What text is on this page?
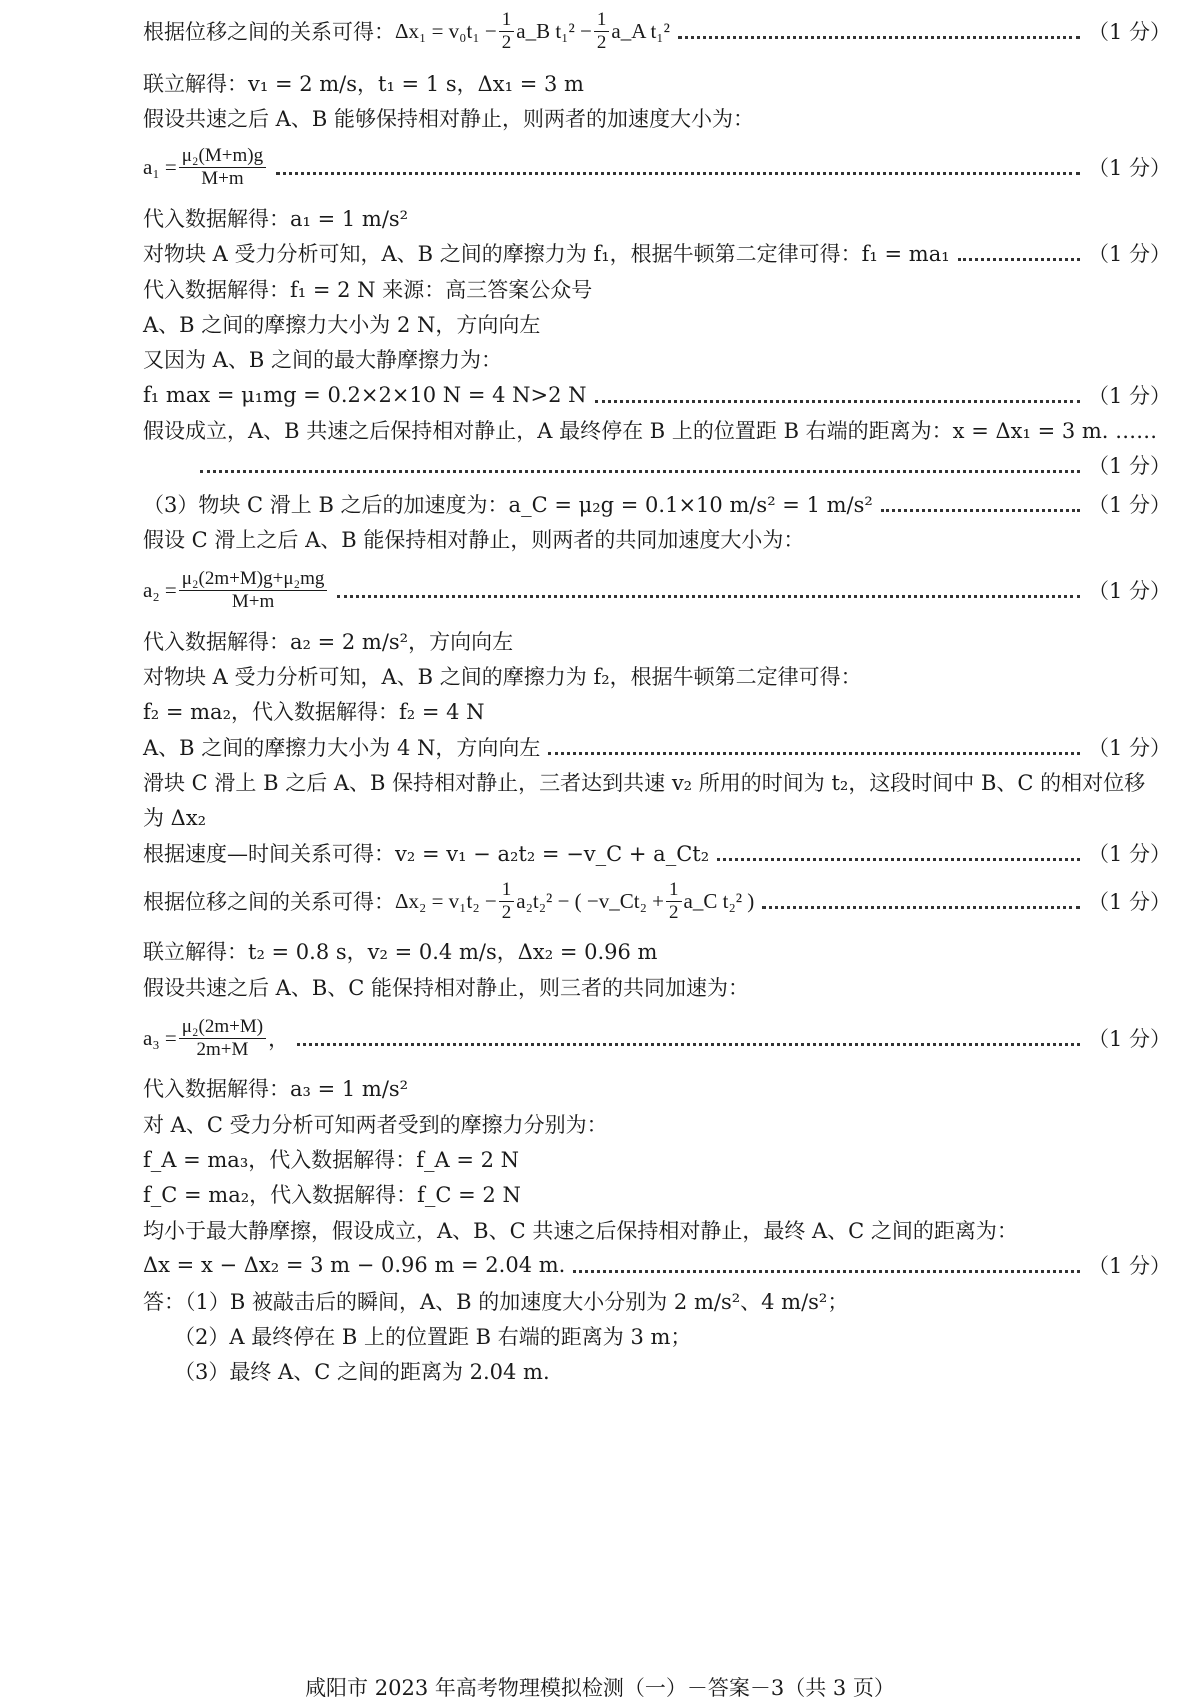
根据位移之间的关系可得： $\Delta x_1 = v_0t_1 - \frac{1}{2}$ a_B $t_1^2 - \frac{1}{2}$ a_A t₁²	（1 分）
联立解得：v₁ = 2 m/s，t₁ = 1 s，Δx₁ = 3 m
假设共速之后 A、B 能够保持相对静止，则两者的加速度大小为：
$a_1 = \frac{\text{μ₂(M+m)g}}{M+m}$	（1 分）
代入数据解得：a₁ = 1 m/s²
对物块 A 受力分析可知，A、B 之间的摩擦力为 f₁，根据牛顿第二定律可得：f₁ = ma₁	（1 分）
代入数据解得：f₁ = 2 N 来源：高三答案公众号
A、B 之间的摩擦力大小为 2 N，方向向左
又因为 A、B 之间的最大静摩擦力为：
f₁ max = μ₁mg = 0.2×2×10 N = 4 N>2 N	（1 分）
假设成立，A、B 共速之后保持相对静止，A 最终停在 B 上的位置距 B 右端的距离为：x = Δx₁ = 3 m. ……
（1 分）
（3）物块 C 滑上 B 之后的加速度为：a_C = μ₂g = 0.1×10 m/s² = 1 m/s²	（1 分）
假设 C 滑上之后 A、B 能保持相对静止，则两者的共同加速度大小为：
$a_2 = \frac{\text{μ₂(2m+M)g+μ₂mg}}{M+m}$	（1 分）
代入数据解得：a₂ = 2 m/s²，方向向左
对物块 A 受力分析可知，A、B 之间的摩擦力为 f₂，根据牛顿第二定律可得：
f₂ = ma₂，代入数据解得：f₂ = 4 N
A、B 之间的摩擦力大小为 4 N，方向向左	（1 分）
滑块 C 滑上 B 之后 A、B 保持相对静止，三者达到共速 v₂ 所用的时间为 t₂，这段时间中 B、C 的相对位移
为 Δx₂
根据速度—时间关系可得：v₂ = v₁ − a₂t₂ = −v_C + a_Ct₂	（1 分）
根据位移之间的关系可得： $\Delta x_2 = v_1t_2 - \frac{1}{2} a_2t_2^2$ − ( −v_Ct₂ + $\frac{1}{2}$ a_C t₂² )	（1 分）
联立解得：t₂ = 0.8 s，v₂ = 0.4 m/s，Δx₂ = 0.96 m
假设共速之后 A、B、C 能保持相对静止，则三者的共同加速为：
$a_3 = \frac{\text{μ₂(2m+M)}}{2m+M}$ ，	（1 分）
代入数据解得：a₃ = 1 m/s²
对 A、C 受力分析可知两者受到的摩擦力分别为：
f_A = ma₃，代入数据解得：f_A = 2 N
f_C = ma₂，代入数据解得：f_C = 2 N
均小于最大静摩擦，假设成立，A、B、C 共速之后保持相对静止，最终 A、C 之间的距离为：
Δx = x − Δx₂ = 3 m − 0.96 m = 2.04 m.	（1 分）
答：（1）B 被敲击后的瞬间，A、B 的加速度大小分别为 2 m/s²、4 m/s²；
（2）A 最终停在 B 上的位置距 B 右端的距离为 3 m；
（3）最终 A、C 之间的距离为 2.04 m.
咸阳市 2023 年高考物理模拟检测（一）－答案－3（共 3 页）
